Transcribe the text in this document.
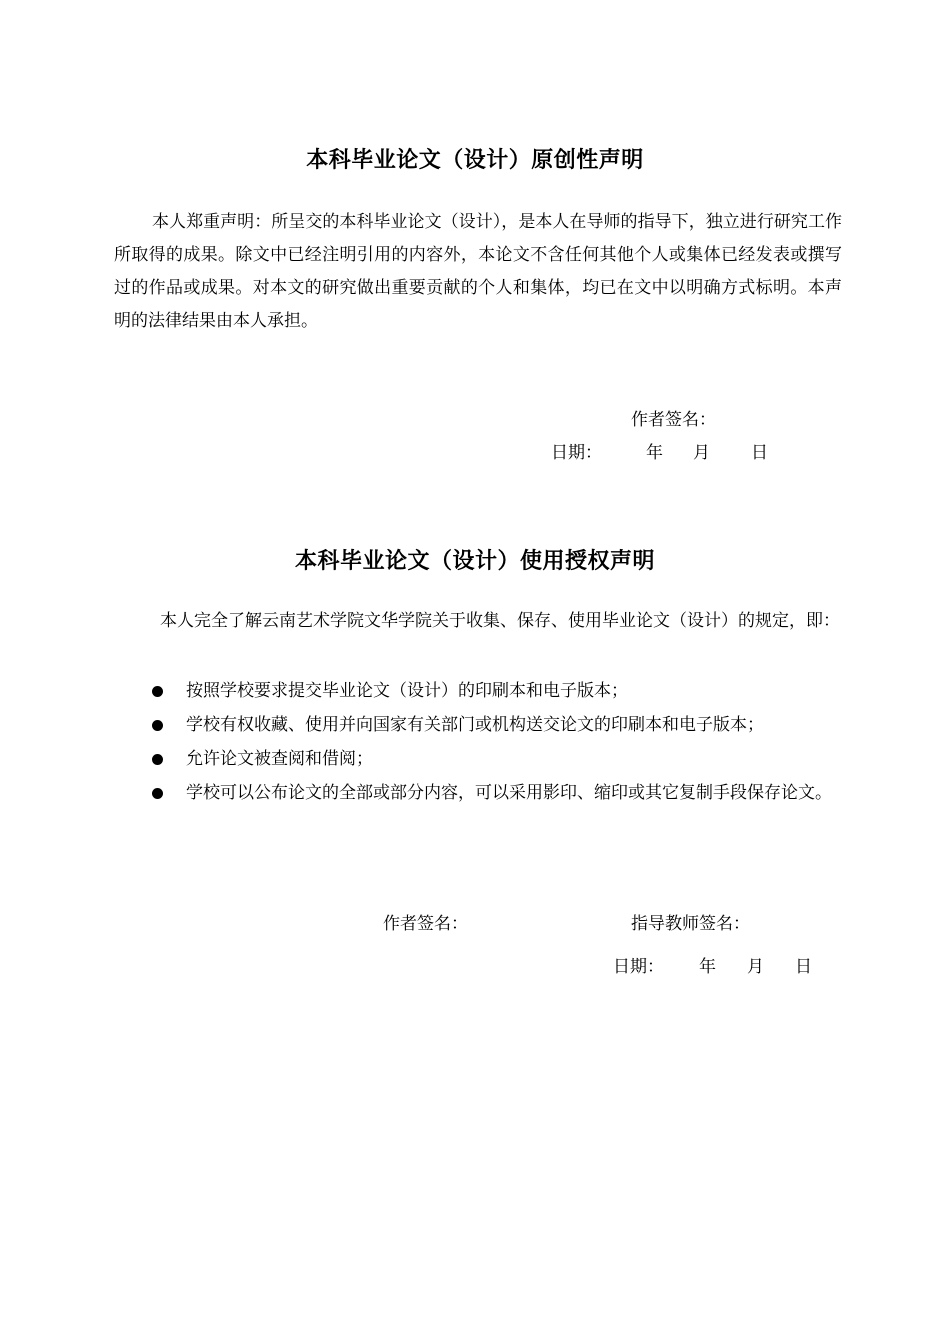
本科毕业论文（设计）原创性声明

本人郑重声明：所呈交的本科毕业论文（设计），是本人在导师的指导下，独立进行研究工作所取得的成果。除文中已经注明引用的内容外，本论文不含任何其他个人或集体已经发表或撰写过的作品或成果。对本文的研究做出重要贡献的个人和集体，均已在文中以明确方式标明。本声明的法律结果由本人承担。

作者签名：
日期：	年 月 日
本科毕业论文（设计）使用授权声明

本人完全了解云南艺术学院文华学院关于收集、保存、使用毕业论文（设计）的规定，即：

按照学校要求提交毕业论文（设计）的印刷本和电子版本；
学校有权收藏、使用并向国家有关部门或机构送交论文的印刷本和电子版本；
允许论文被查阅和借阅；
学校可以公布论文的全部或部分内容，可以采用影印、缩印或其它复制手段保存论文。
作者签名：	指导教师签名：
日期： 年 月 日
